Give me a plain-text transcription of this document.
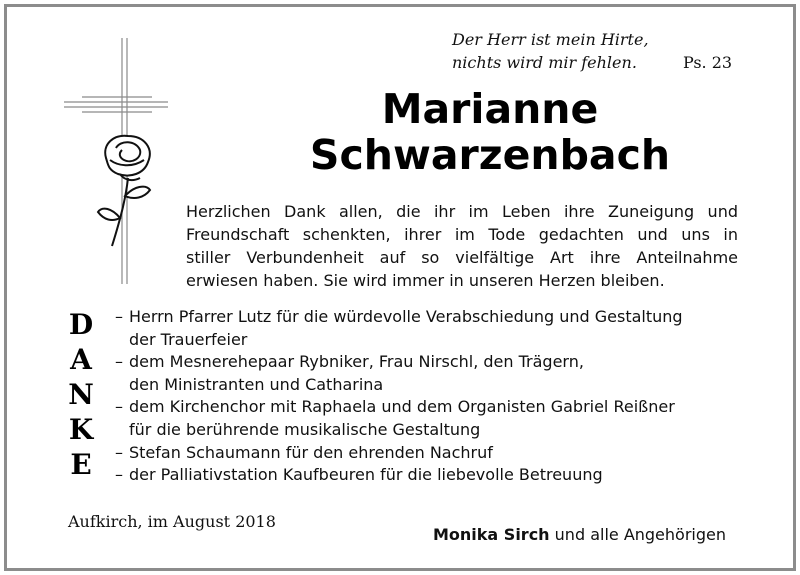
Der Herr ist mein Hirte,
nichts wird mir fehlen.	Ps. 23
Marianne
Schwarzenbach
Herzlichen Dank allen, die ihr im Leben ihre Zuneigung und
Freundschaft schenkten, ihrer im Tode gedachten und uns in
stiller Verbundenheit auf so vielfältige Art ihre Anteilnahme
erwiesen haben. Sie wird immer in unseren Herzen bleiben.
D
A
N
K
E
– Herrn Pfarrer Lutz für die würdevolle Verabschiedung und Gestaltung
der Trauerfeier
– dem Mesnerehepaar Rybniker, Frau Nirschl, den Trägern,
den Ministranten und Catharina
– dem Kirchenchor mit Raphaela und dem Organisten Gabriel Reißner
für die berührende musikalische Gestaltung
– Stefan Schaumann für den ehrenden Nachruf
– der Palliativstation Kaufbeuren für die liebevolle Betreuung
Aufkirch, im August 2018
Monika Sirch und alle Angehörigen
